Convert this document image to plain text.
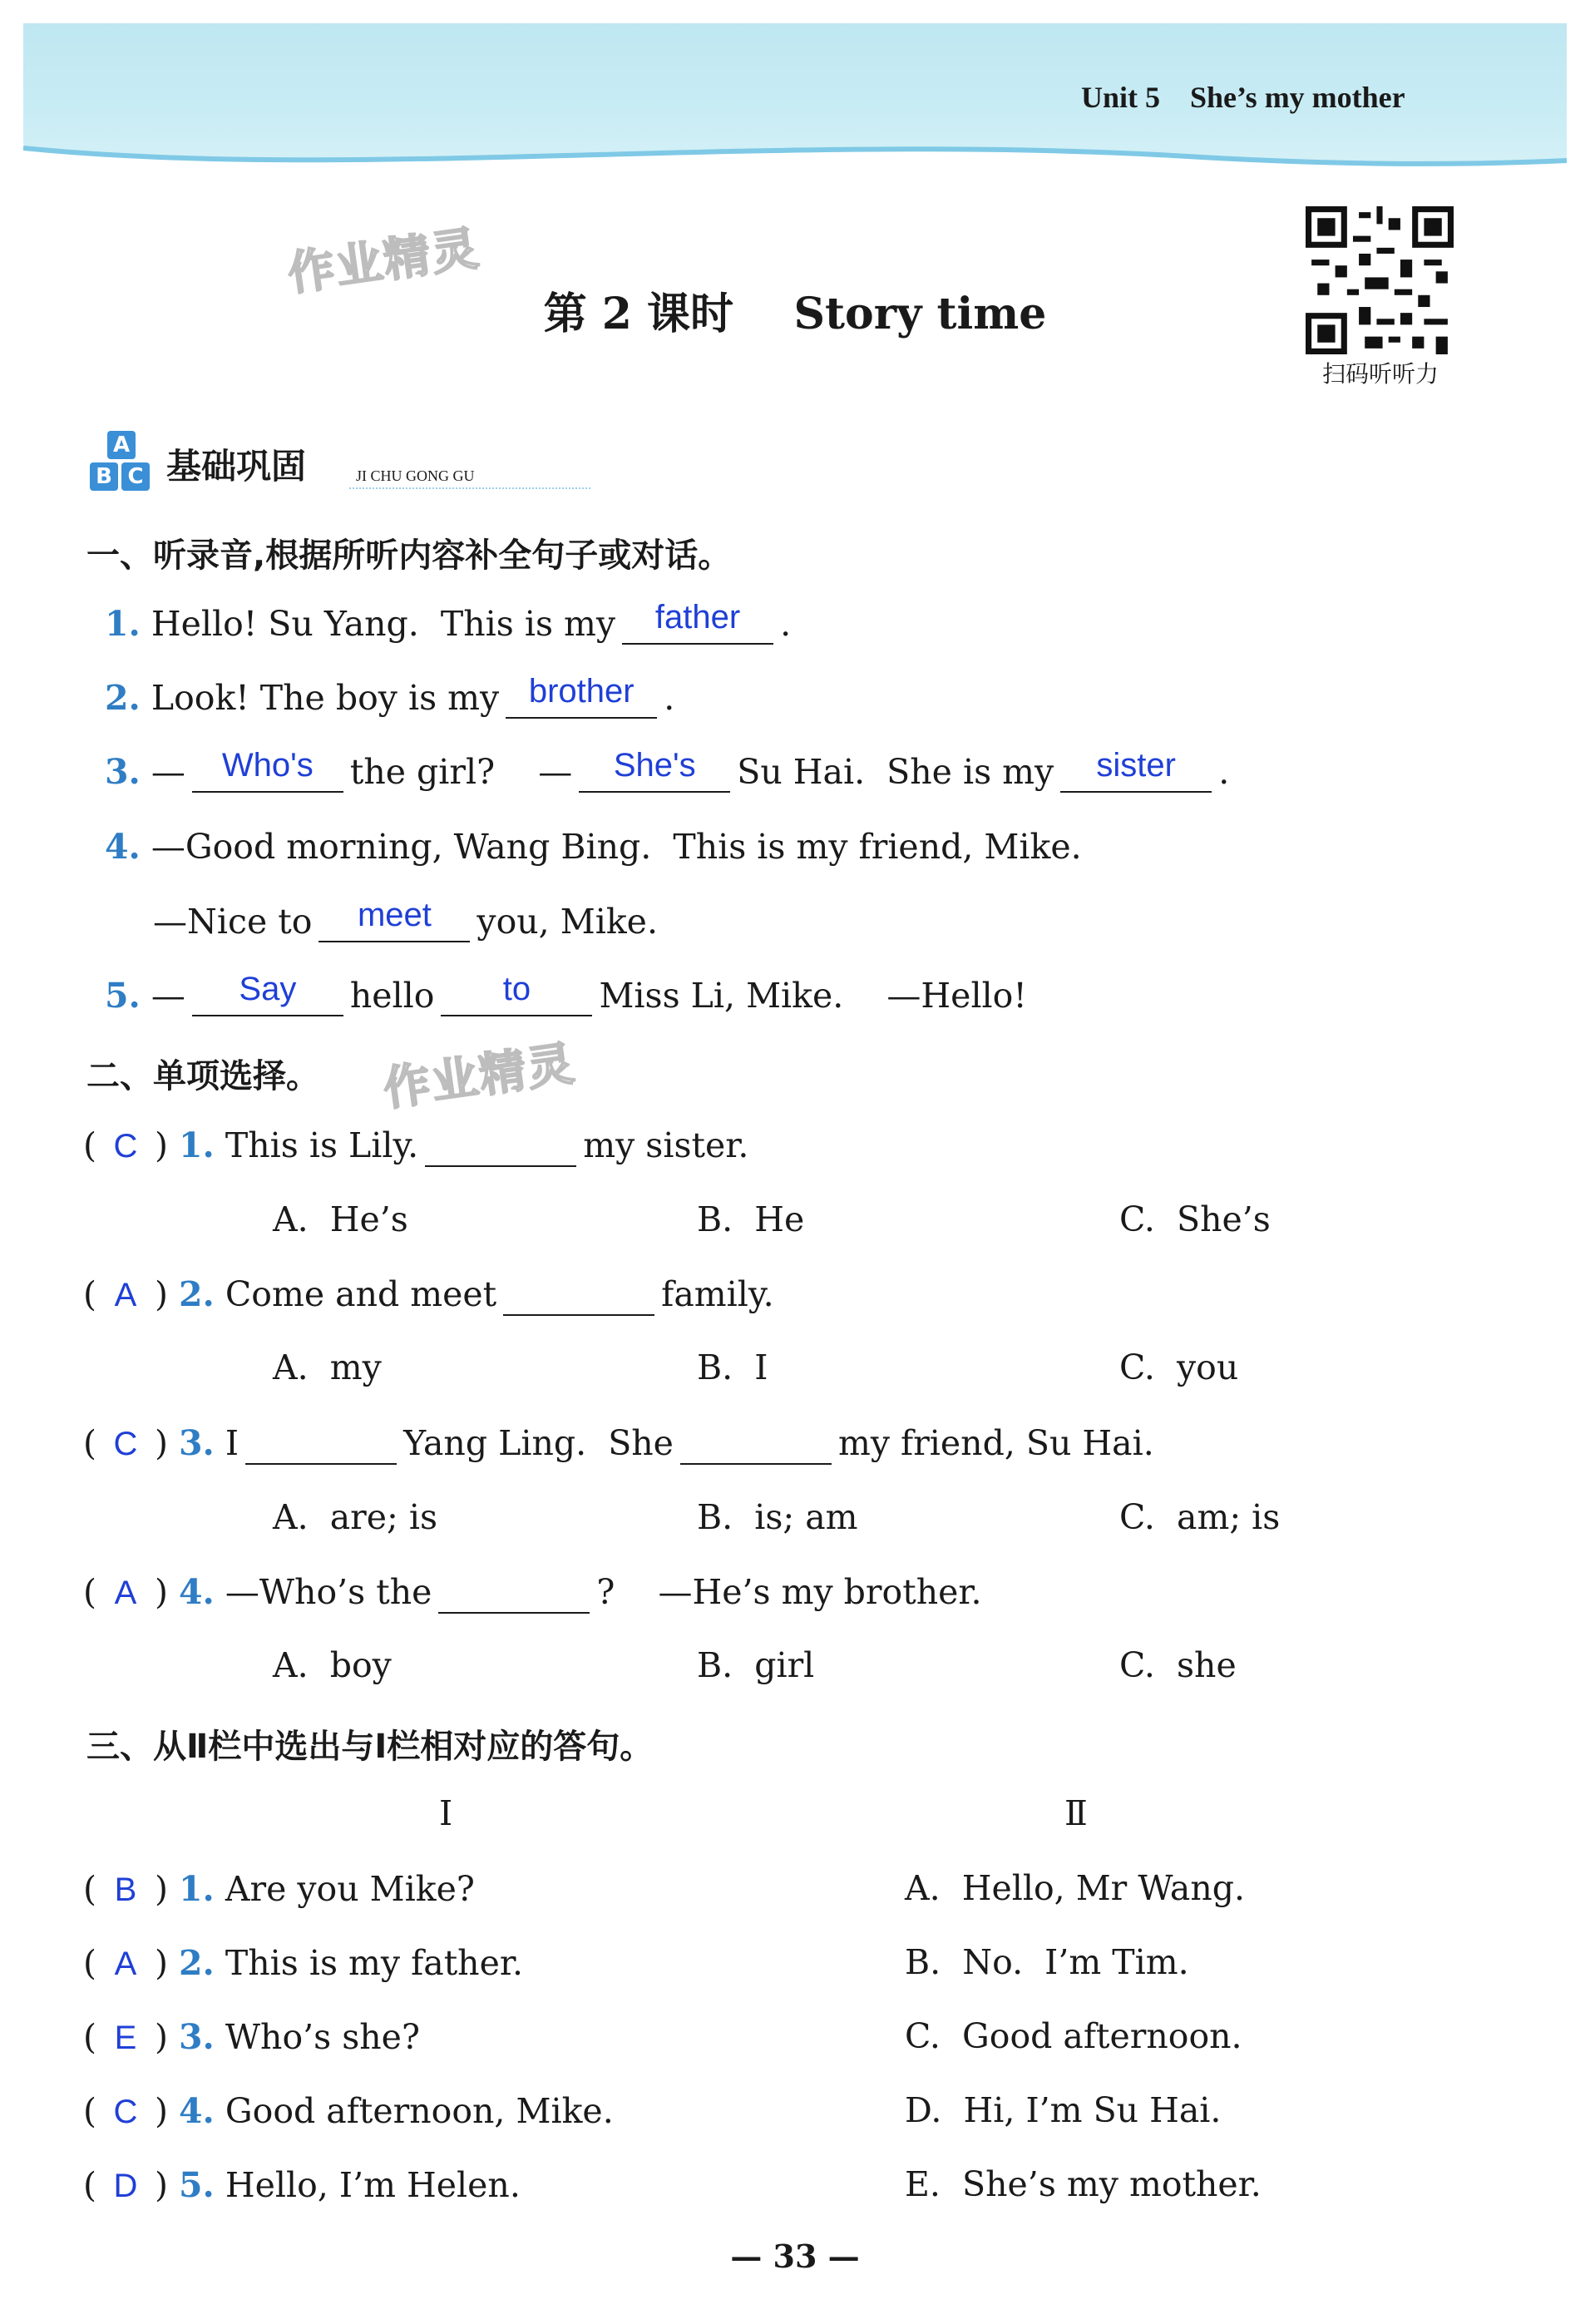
Unit 5    She’s my mother
作业精灵
第 2 课时    Story time
扫码听听力
A
B C 基础巩固	JI CHU GONG GU
一、听录音,根据所听内容补全句子或对话。
1. Hello! Su Yang.  This is my	father	.
2. Look! The boy is my brother .
3. —	Who's	the girl?    —	She's	Su Hai.  She is my	sister	.
4. —Good morning, Wang Bing.  This is my friend, Mike.
—Nice to	meet	you, Mike.
5. —	Say	hello	to	Miss Li, Mike.    —Hello!
二、单项选择。 作业精灵
( C ) 1. This is Lily.	my sister.
A.  He’s	B.  He	C.  She’s
( A ) 2. Come and meet	family.
A.  my	B.  I	C.  you
( C ) 3. I	Yang Ling.  She	my friend, Su Hai.
A.  are; is	B.  is; am	C.  am; is
( A ) 4. —Who’s the	?    —He’s my brother.
A.  boy	B.  girl	C.  she
三、从Ⅱ栏中选出与Ⅰ栏相对应的答句。
Ⅰ	Ⅱ
( B ) 1. Are you Mike?	A.  Hello, Mr Wang.
( A ) 2. This is my father.	B.  No.  I’m Tim.
( E ) 3. Who’s she?	C.  Good afternoon.
( C ) 4. Good afternoon, Mike.	D.  Hi, I’m Su Hai.
( D ) 5. Hello, I’m Helen.	E.  She’s my mother.
— 33 —
